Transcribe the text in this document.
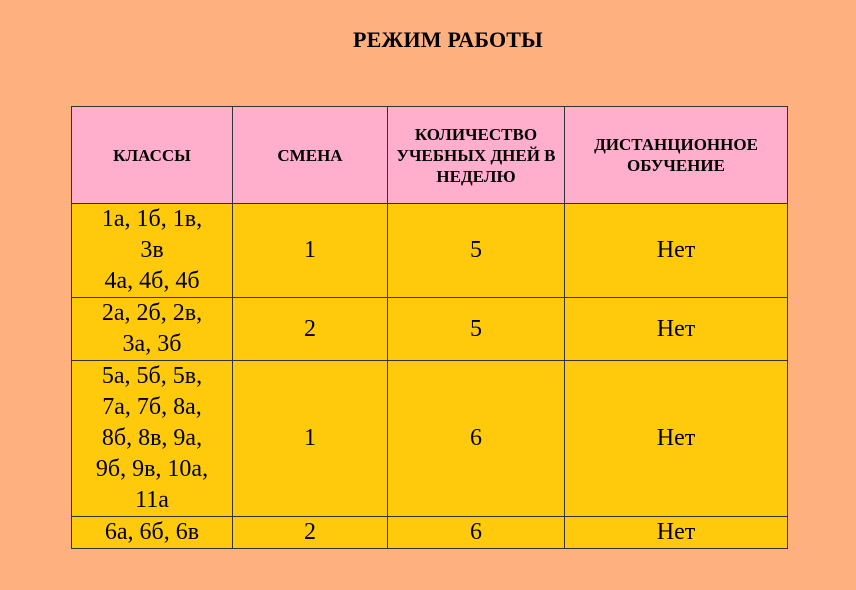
РЕЖИМ РАБОТЫ
КЛАССЫ	СМЕНА	КОЛИЧЕСТВО УЧЕБНЫХ ДНЕЙ В НЕДЕЛЮ	ДИСТАНЦИОННОЕ ОБУЧЕНИЕ
1а, 1б, 1в,
3в
4а, 4б, 4б	1	5	Нет
2а, 2б, 2в,
3а, 3б	2	5	Нет
5а, 5б, 5в,
7а, 7б, 8а,
8б, 8в, 9а,
9б, 9в, 10а,
11а	1	6	Нет
6а, 6б, 6в	2	6	Нет
